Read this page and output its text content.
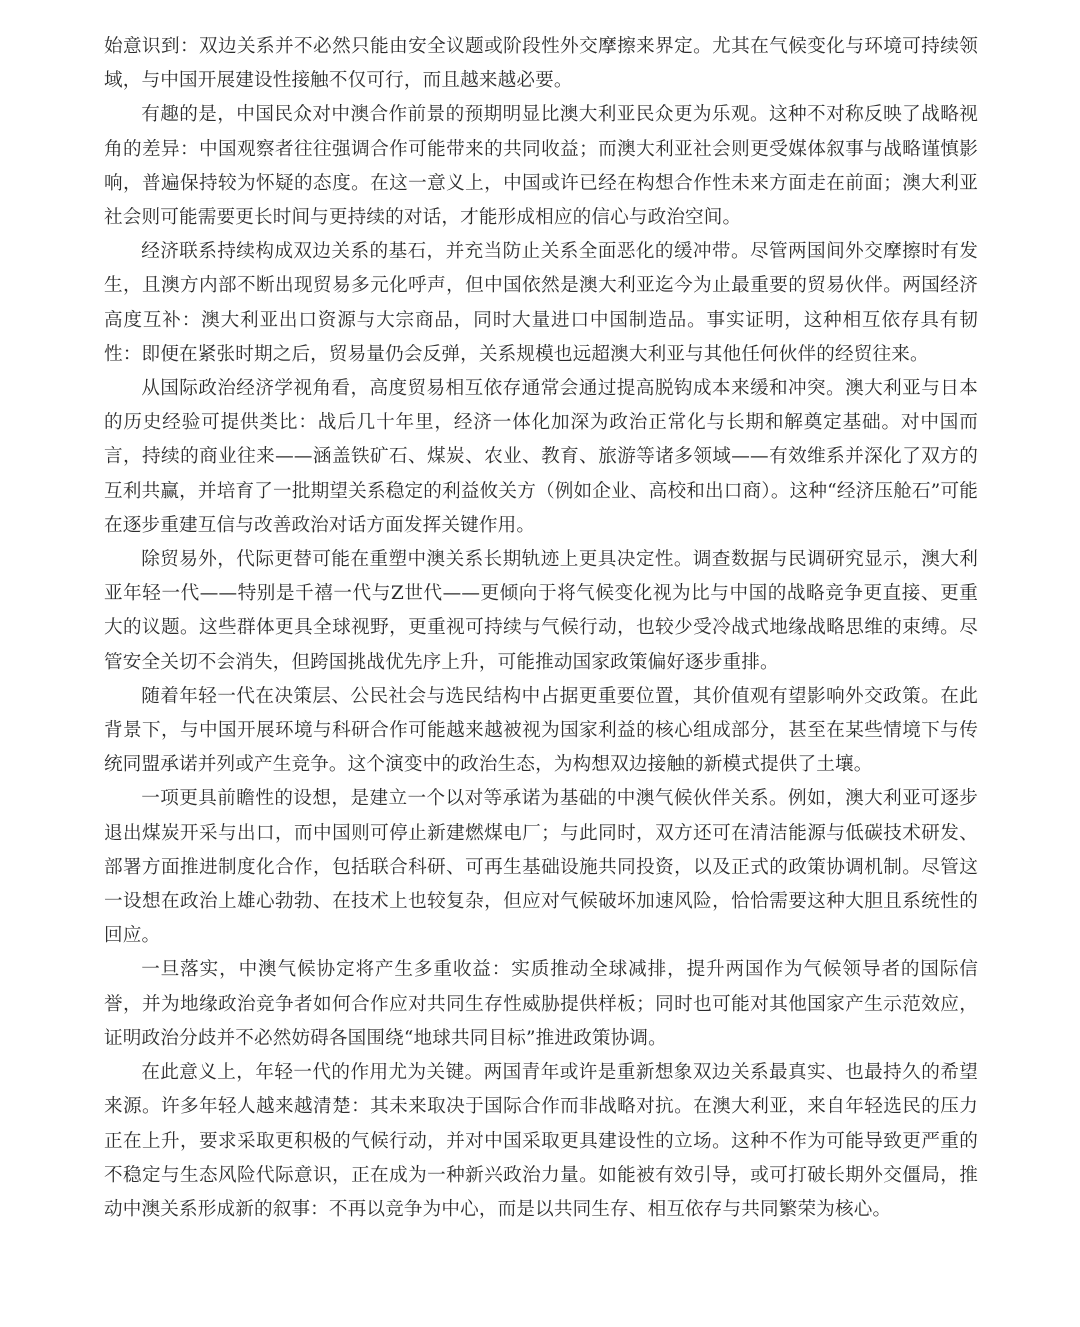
始意识到：双边关系并不必然只能由安全议题或阶段性外交摩擦来界定。尤其在气候变化与环境可持续领域，与中国开展建设性接触不仅可行，而且越来越必要。

有趣的是，中国民众对中澳合作前景的预期明显比澳大利亚民众更为乐观。这种不对称反映了战略视角的差异：中国观察者往往强调合作可能带来的共同收益；而澳大利亚社会则更受媒体叙事与战略谨慎影响，普遍保持较为怀疑的态度。在这一意义上，中国或许已经在构想合作性未来方面走在前面；澳大利亚社会则可能需要更长时间与更持续的对话，才能形成相应的信心与政治空间。

经济联系持续构成双边关系的基石，并充当防止关系全面恶化的缓冲带。尽管两国间外交摩擦时有发生，且澳方内部不断出现贸易多元化呼声，但中国依然是澳大利亚迄今为止最重要的贸易伙伴。两国经济高度互补：澳大利亚出口资源与大宗商品，同时大量进口中国制造品。事实证明，这种相互依存具有韧性：即便在紧张时期之后，贸易量仍会反弹，关系规模也远超澳大利亚与其他任何伙伴的经贸往来。

从国际政治经济学视角看，高度贸易相互依存通常会通过提高脱钩成本来缓和冲突。澳大利亚与日本的历史经验可提供类比：战后几十年里，经济一体化加深为政治正常化与长期和解奠定基础。对中国而言，持续的商业往来——涵盖铁矿石、煤炭、农业、教育、旅游等诸多领域——有效维系并深化了双方的互利共赢，并培育了一批期望关系稳定的利益攸关方（例如企业、高校和出口商）。这种“经济压舱石”可能在逐步重建互信与改善政治对话方面发挥关键作用。

除贸易外，代际更替可能在重塑中澳关系长期轨迹上更具决定性。调查数据与民调研究显示，澳大利亚年轻一代——特别是千禧一代与Z世代——更倾向于将气候变化视为比与中国的战略竞争更直接、更重大的议题。这些群体更具全球视野，更重视可持续与气候行动，也较少受冷战式地缘战略思维的束缚。尽管安全关切不会消失，但跨国挑战优先序上升，可能推动国家政策偏好逐步重排。

随着年轻一代在决策层、公民社会与选民结构中占据更重要位置，其价值观有望影响外交政策。在此背景下，与中国开展环境与科研合作可能越来越被视为国家利益的核心组成部分，甚至在某些情境下与传统同盟承诺并列或产生竞争。这个演变中的政治生态，为构想双边接触的新模式提供了土壤。

一项更具前瞻性的设想，是建立一个以对等承诺为基础的中澳气候伙伴关系。例如，澳大利亚可逐步退出煤炭开采与出口，而中国则可停止新建燃煤电厂；与此同时，双方还可在清洁能源与低碳技术研发、部署方面推进制度化合作，包括联合科研、可再生基础设施共同投资，以及正式的政策协调机制。尽管这一设想在政治上雄心勃勃、在技术上也较复杂，但应对气候破坏加速风险，恰恰需要这种大胆且系统性的回应。

一旦落实，中澳气候协定将产生多重收益：实质推动全球减排，提升两国作为气候领导者的国际信誉，并为地缘政治竞争者如何合作应对共同生存性威胁提供样板；同时也可能对其他国家产生示范效应，证明政治分歧并不必然妨碍各国围绕“地球共同目标”推进政策协调。

在此意义上，年轻一代的作用尤为关键。两国青年或许是重新想象双边关系最真实、也最持久的希望来源。许多年轻人越来越清楚：其未来取决于国际合作而非战略对抗。在澳大利亚，来自年轻选民的压力正在上升，要求采取更积极的气候行动，并对中国采取更具建设性的立场。这种不作为可能导致更严重的不稳定与生态风险代际意识，正在成为一种新兴政治力量。如能被有效引导，或可打破长期外交僵局，推动中澳关系形成新的叙事：不再以竞争为中心，而是以共同生存、相互依存与共同繁荣为核心。
